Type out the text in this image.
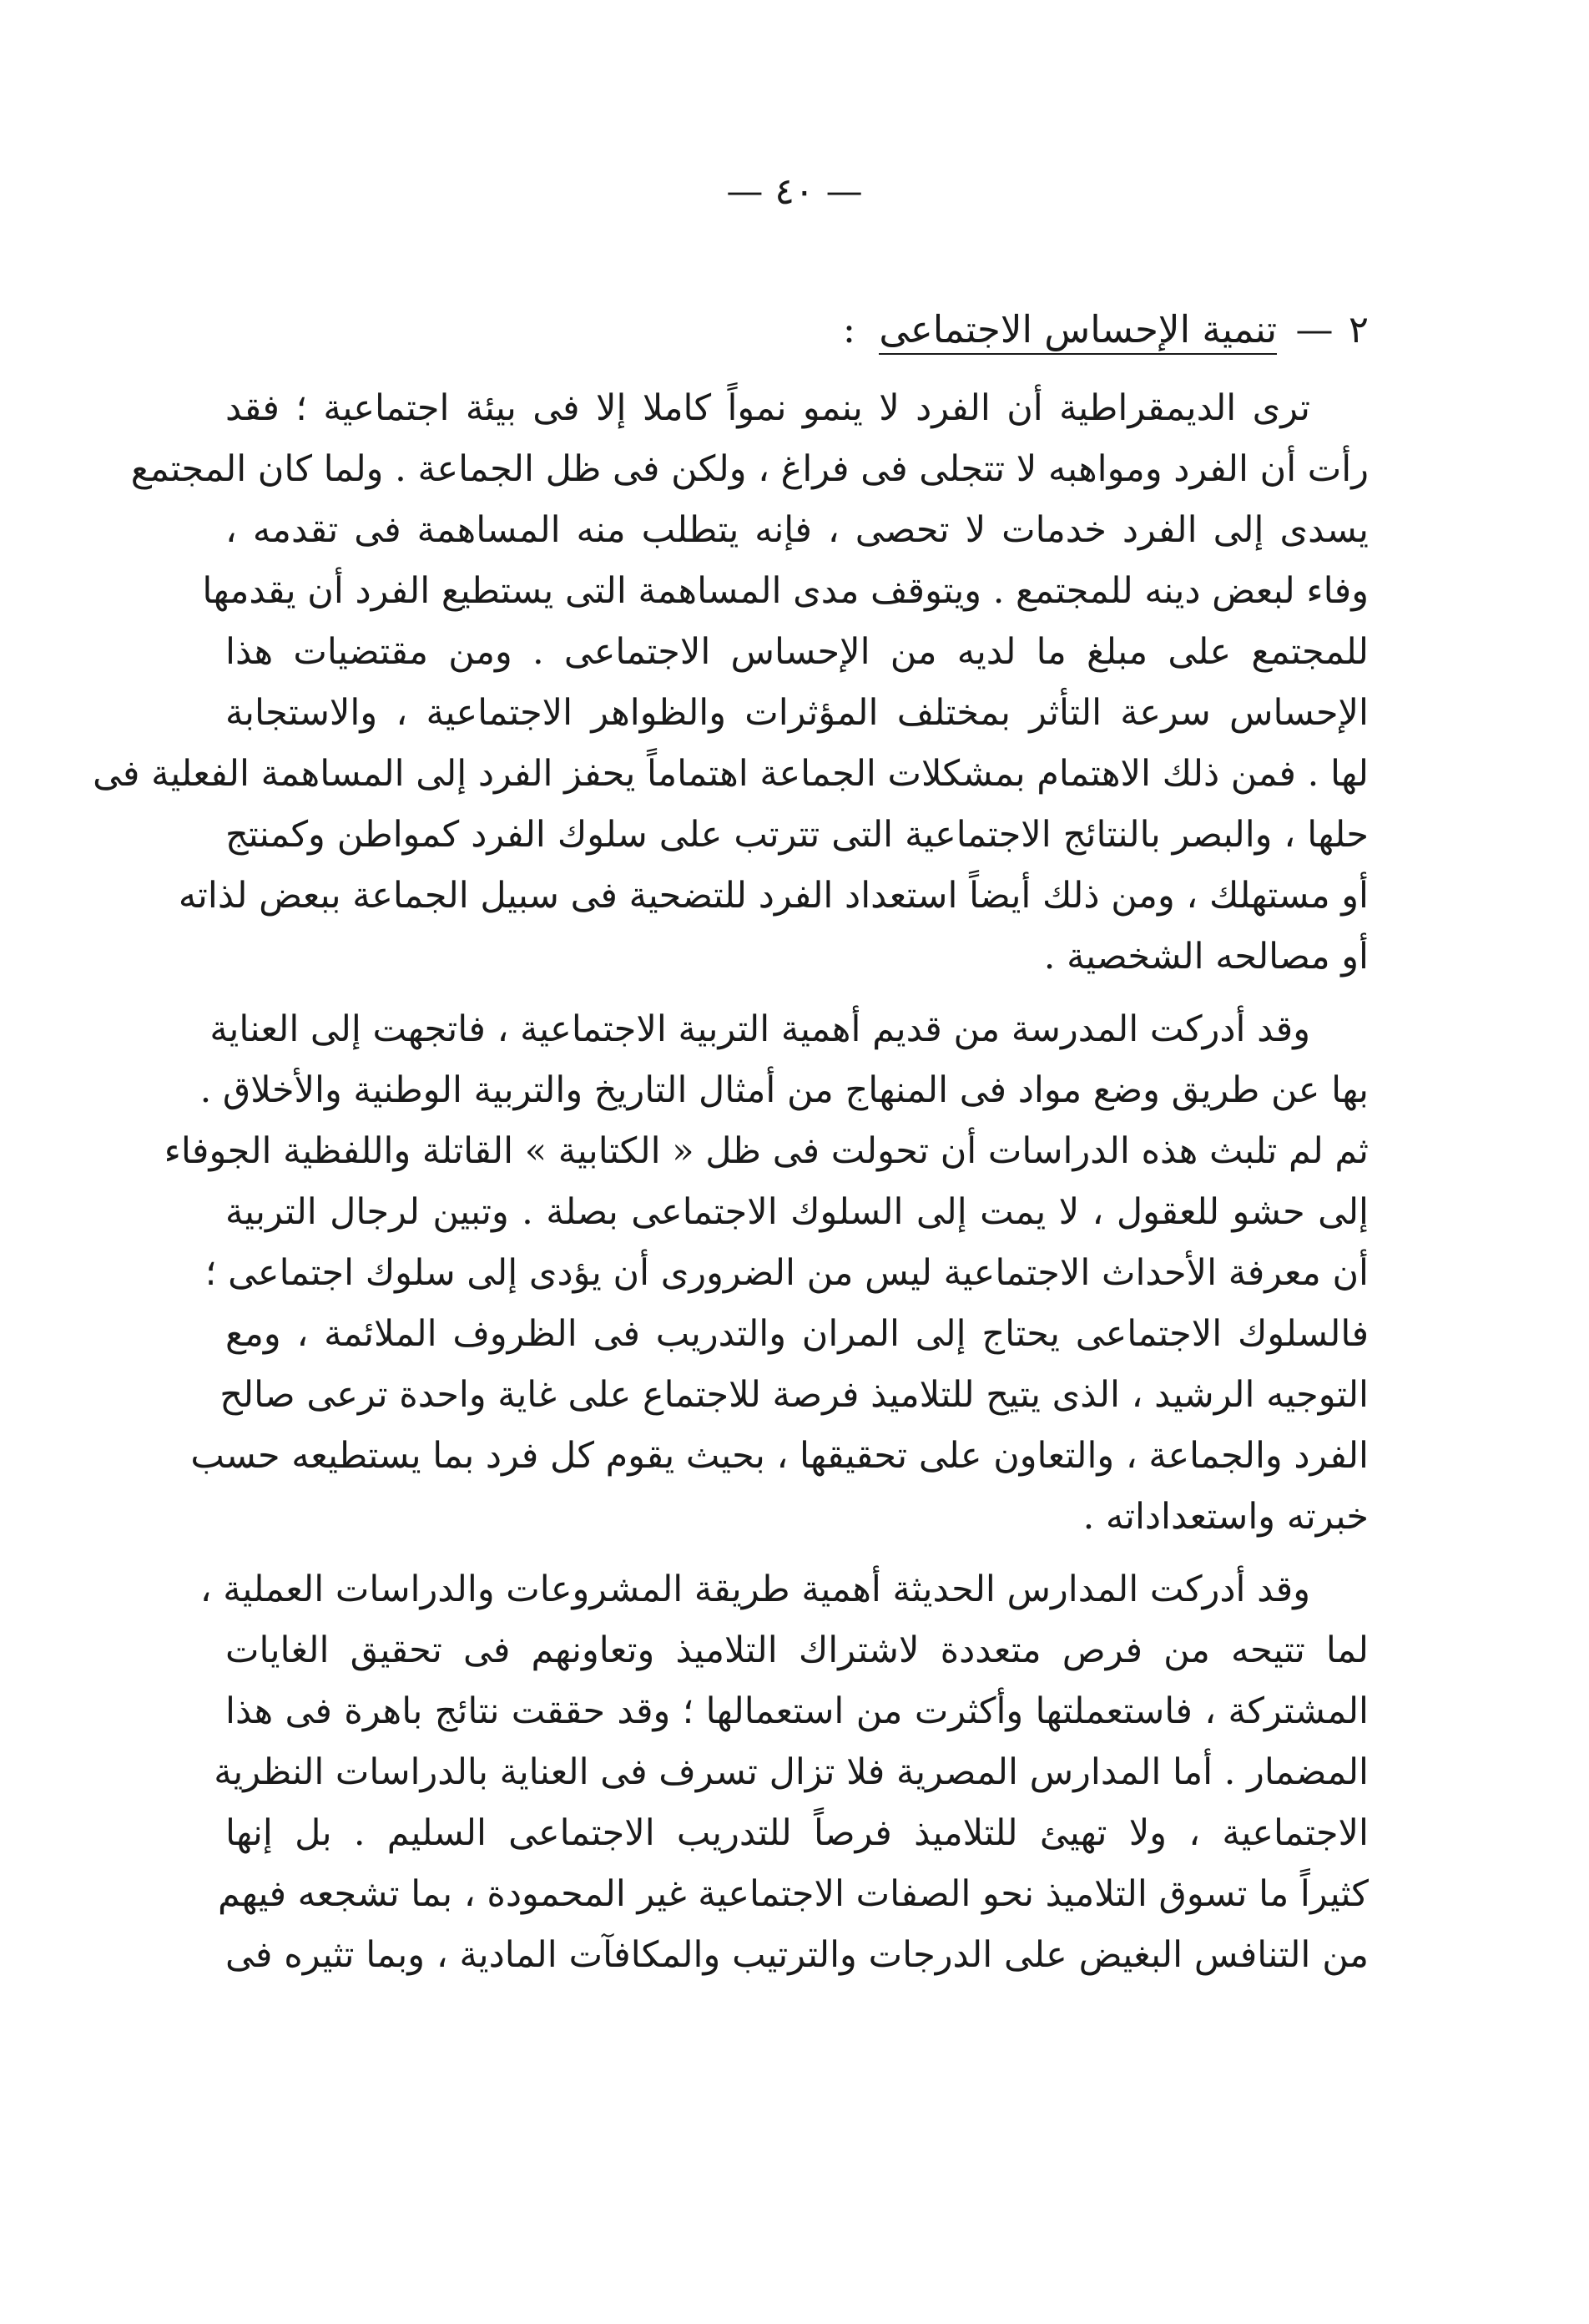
— ٤٠ —
٢ — تنمية الإحساس الاجتماعى :
ترى الديمقراطية أن الفرد لا ينمو نمواً كاملا إلا فى بيئة اجتماعية ؛ فقد
رأت أن الفرد ومواهبه لا تتجلى فى فراغ ، ولكن فى ظل الجماعة . ولما كان المجتمع
يسدى إلى الفرد خدمات لا تحصى ، فإنه يتطلب منه المساهمة فى تقدمه ،
وفاء لبعض دينه للمجتمع . ويتوقف مدى المساهمة التى يستطيع الفرد أن يقدمها
للمجتمع على مبلغ ما لديه من الإحساس الاجتماعى . ومن مقتضيات هذا
الإحساس سرعة التأثر بمختلف المؤثرات والظواهر الاجتماعية ، والاستجابة
لها . فمن ذلك الاهتمام بمشكلات الجماعة اهتماماً يحفز الفرد إلى المساهمة الفعلية فى
حلها ، والبصر بالنتائج الاجتماعية التى تترتب على سلوك الفرد كمواطن وكمنتج
أو مستهلك ، ومن ذلك أيضاً استعداد الفرد للتضحية فى سبيل الجماعة ببعض لذاته
أو مصالحه الشخصية .
وقد أدركت المدرسة من قديم أهمية التربية الاجتماعية ، فاتجهت إلى العناية
بها عن طريق وضع مواد فى المنهاج من أمثال التاريخ والتربية الوطنية والأخلاق .
ثم لم تلبث هذه الدراسات أن تحولت فى ظل « الكتابية » القاتلة واللفظية الجوفاء
إلى حشو للعقول ، لا يمت إلى السلوك الاجتماعى بصلة . وتبين لرجال التربية
أن معرفة الأحداث الاجتماعية ليس من الضرورى أن يؤدى إلى سلوك اجتماعى ؛
فالسلوك الاجتماعى يحتاج إلى المران والتدريب فى الظروف الملائمة ، ومع
التوجيه الرشيد ، الذى يتيح للتلاميذ فرصة للاجتماع على غاية واحدة ترعى صالح
الفرد والجماعة ، والتعاون على تحقيقها ، بحيث يقوم كل فرد بما يستطيعه حسب
خبرته واستعداداته .
وقد أدركت المدارس الحديثة أهمية طريقة المشروعات والدراسات العملية ،
لما تتيحه من فرص متعددة لاشتراك التلاميذ وتعاونهم فى تحقيق الغايات
المشتركة ، فاستعملتها وأكثرت من استعمالها ؛ وقد حققت نتائج باهرة فى هذا
المضمار . أما المدارس المصرية فلا تزال تسرف فى العناية بالدراسات النظرية
الاجتماعية ، ولا تهيئ للتلاميذ فرصاً للتدريب الاجتماعى السليم . بل إنها
كثيراً ما تسوق التلاميذ نحو الصفات الاجتماعية غير المحمودة ، بما تشجعه فيهم
من التنافس البغيض على الدرجات والترتيب والمكافآت المادية ، وبما تثيره فى
